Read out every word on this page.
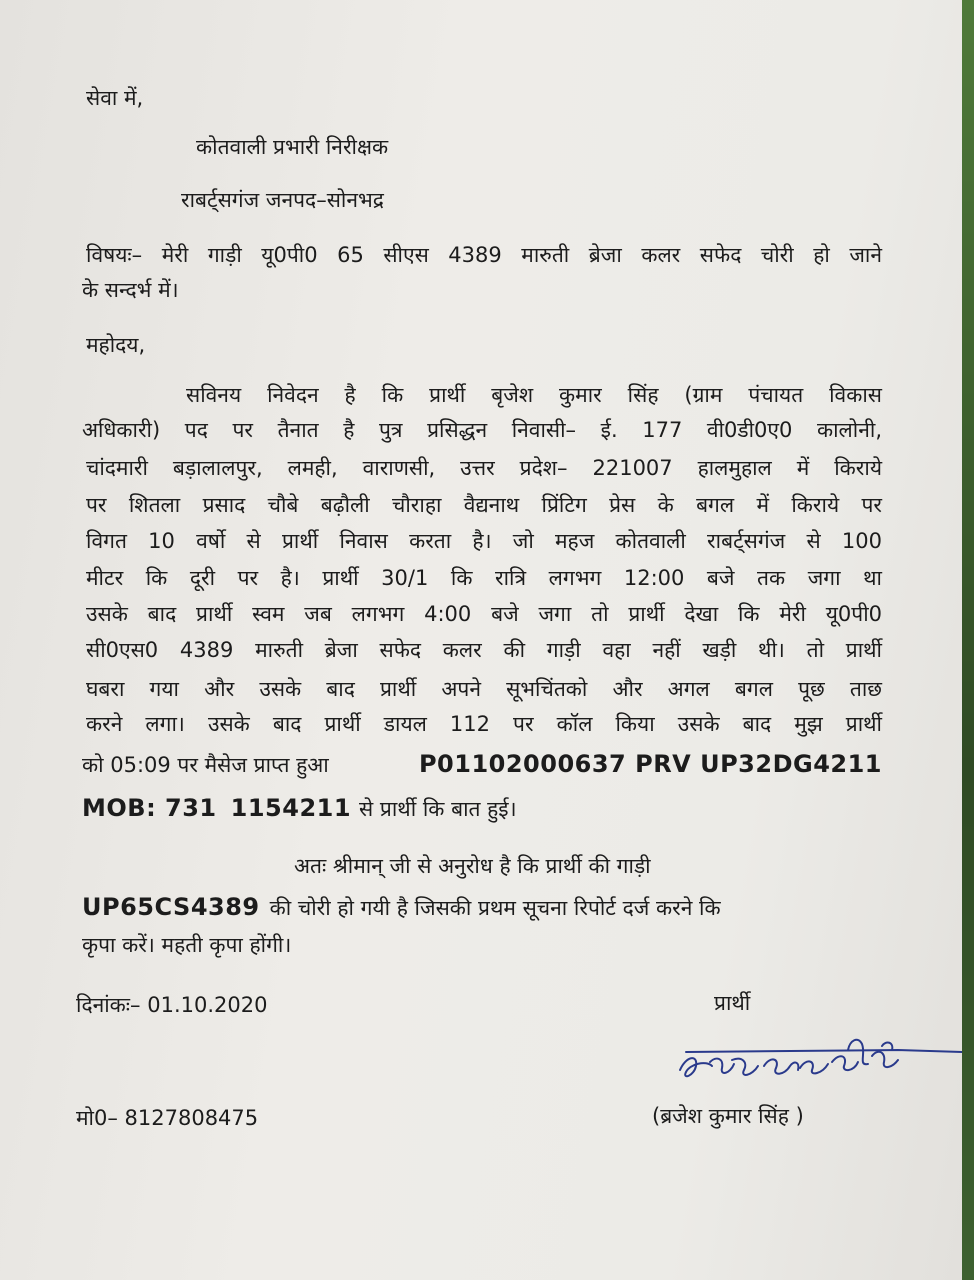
सेवा में,

कोतवाली प्रभारी निरीक्षक

राबर्ट्सगंज जनपद–सोनभद्र

विषयः– मेरी गाड़ी यू0पी0 65 सीएस 4389 मारुती ब्रेजा कलर सफेद चोरी हो जाने

के सन्दर्भ में।

महोदय,

सविनय निवेदन है कि प्रार्थी बृजेश कुमार सिंह (ग्राम पंचायत विकास

अधिकारी) पद पर तैनात है पुत्र प्रसिद्धन निवासी– ई. 177 वी0डी0ए0 कालोनी,

चांदमारी बड़ालालपुर, लमही, वाराणसी, उत्तर प्रदेश– 221007 हालमुहाल में किराये

पर शितला प्रसाद चौबे बढ़ौली चौराहा वैद्यनाथ प्रिंटिग प्रेस के बगल में किराये पर

विगत 10 वर्षो से प्रार्थी निवास करता है। जो महज कोतवाली राबर्ट्सगंज से 100

मीटर कि दूरी पर है। प्रार्थी 30/1 कि रात्रि लगभग 12:00 बजे तक जगा था

उसके बाद प्रार्थी स्वम जब लगभग 4:00 बजे जगा तो प्रार्थी देखा कि मेरी यू0पी0

सी0एस0 4389 मारुती ब्रेजा सफेद कलर की गाड़ी वहा नहीं खड़ी थी। तो प्रार्थी

घबरा गया और उसके बाद प्रार्थी अपने सूभचिंतको और अगल बगल पूछ ताछ

करने लगा। उसके बाद प्रार्थी डायल 112 पर कॉल किया उसके बाद मुझ प्रार्थी

को 05:09 पर मैसेज प्राप्त हुआ	P01102000637 PRV UP32DG4211
MOB: 731 1154211 से प्रार्थी कि बात हुई।

अतः श्रीमान् जी से अनुरोध है कि प्रार्थी की गाड़ी

UP65CS4389 की चोरी हो गयी है जिसकी प्रथम सूचना रिपोर्ट दर्ज करने कि

कृपा करें। महती कृपा होंगी।

दिनांकः– 01.10.2020	प्रार्थी

मो0– 8127808475	(ब्रजेश कुमार सिंह )
